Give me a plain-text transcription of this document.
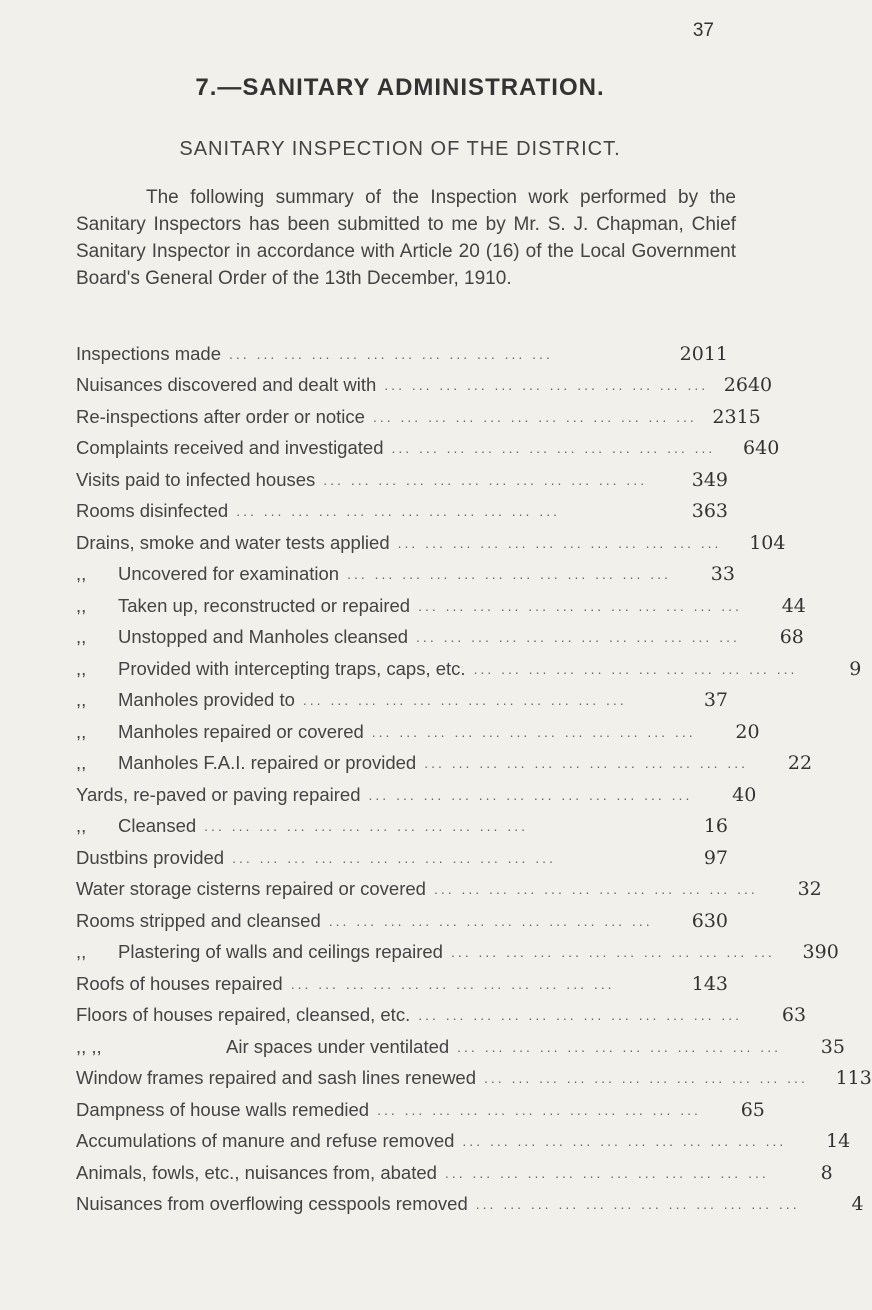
37
7.—SANITARY ADMINISTRATION.
SANITARY INSPECTION OF THE DISTRICT.

The following summary of the Inspection work performed by the Sanitary Inspectors has been submitted to me by Mr. S. J. Chapman, Chief Sanitary Inspector in accordance with Article 20 (16) of the Local Government Board's General Order of the 13th December, 1910.

Inspections made ... ... ... ... ... ... ... ... ... ... ... ...	2011
Nuisances discovered and dealt with ... ... ... ... ... ... ... ... ... ... ... ... 2640
Re-inspections after order or notice ... ... ... ... ... ... ... ... ... ... ... ... 2315
Complaints received and investigated ... ... ... ... ... ... ... ... ... ... ... ...	640
Visits paid to infected houses ... ... ... ... ... ... ... ... ... ... ... ...	349
Rooms disinfected ... ... ... ... ... ... ... ... ... ... ... ...	363
Drains, smoke and water tests applied ... ... ... ... ... ... ... ... ... ... ... ...	104
,,	Uncovered for examination ... ... ... ... ... ... ... ... ... ... ... ...	33
,,	Taken up, reconstructed or repaired ... ... ... ... ... ... ... ... ... ... ... ...	44
,,	Unstopped and Manholes cleansed ... ... ... ... ... ... ... ... ... ... ... ...	68
,,	Provided with intercepting traps, caps, etc. ... ... ... ... ... ... ... ... ... ... ... ...	9
,,	Manholes provided to ... ... ... ... ... ... ... ... ... ... ... ...	37
,,	Manholes repaired or covered ... ... ... ... ... ... ... ... ... ... ... ...	20
,,	Manholes F.A.I. repaired or provided ... ... ... ... ... ... ... ... ... ... ... ...	22
Yards, re-paved or paving repaired ... ... ... ... ... ... ... ... ... ... ... ...	40
,,	Cleansed ... ... ... ... ... ... ... ... ... ... ... ...	16
Dustbins provided ... ... ... ... ... ... ... ... ... ... ... ...	97
Water storage cisterns repaired or covered ... ... ... ... ... ... ... ... ... ... ... ...	32
Rooms stripped and cleansed ... ... ... ... ... ... ... ... ... ... ... ...	630
,,	Plastering of walls and ceilings repaired ... ... ... ... ... ... ... ... ... ... ... ...	390
Roofs of houses repaired ... ... ... ... ... ... ... ... ... ... ... ...	143
Floors of houses repaired, cleansed, etc. ... ... ... ... ... ... ... ... ... ... ... ...	63
,, ,,	Air spaces under ventilated ... ... ... ... ... ... ... ... ... ... ... ...	35
Window frames repaired and sash lines renewed ... ... ... ... ... ... ... ... ... ... ... ...	113
Dampness of house walls remedied ... ... ... ... ... ... ... ... ... ... ... ...	65
Accumulations of manure and refuse removed ... ... ... ... ... ... ... ... ... ... ... ...	14
Animals, fowls, etc., nuisances from, abated ... ... ... ... ... ... ... ... ... ... ... ...	8
Nuisances from overflowing cesspools removed ... ... ... ... ... ... ... ... ... ... ... ...	4
